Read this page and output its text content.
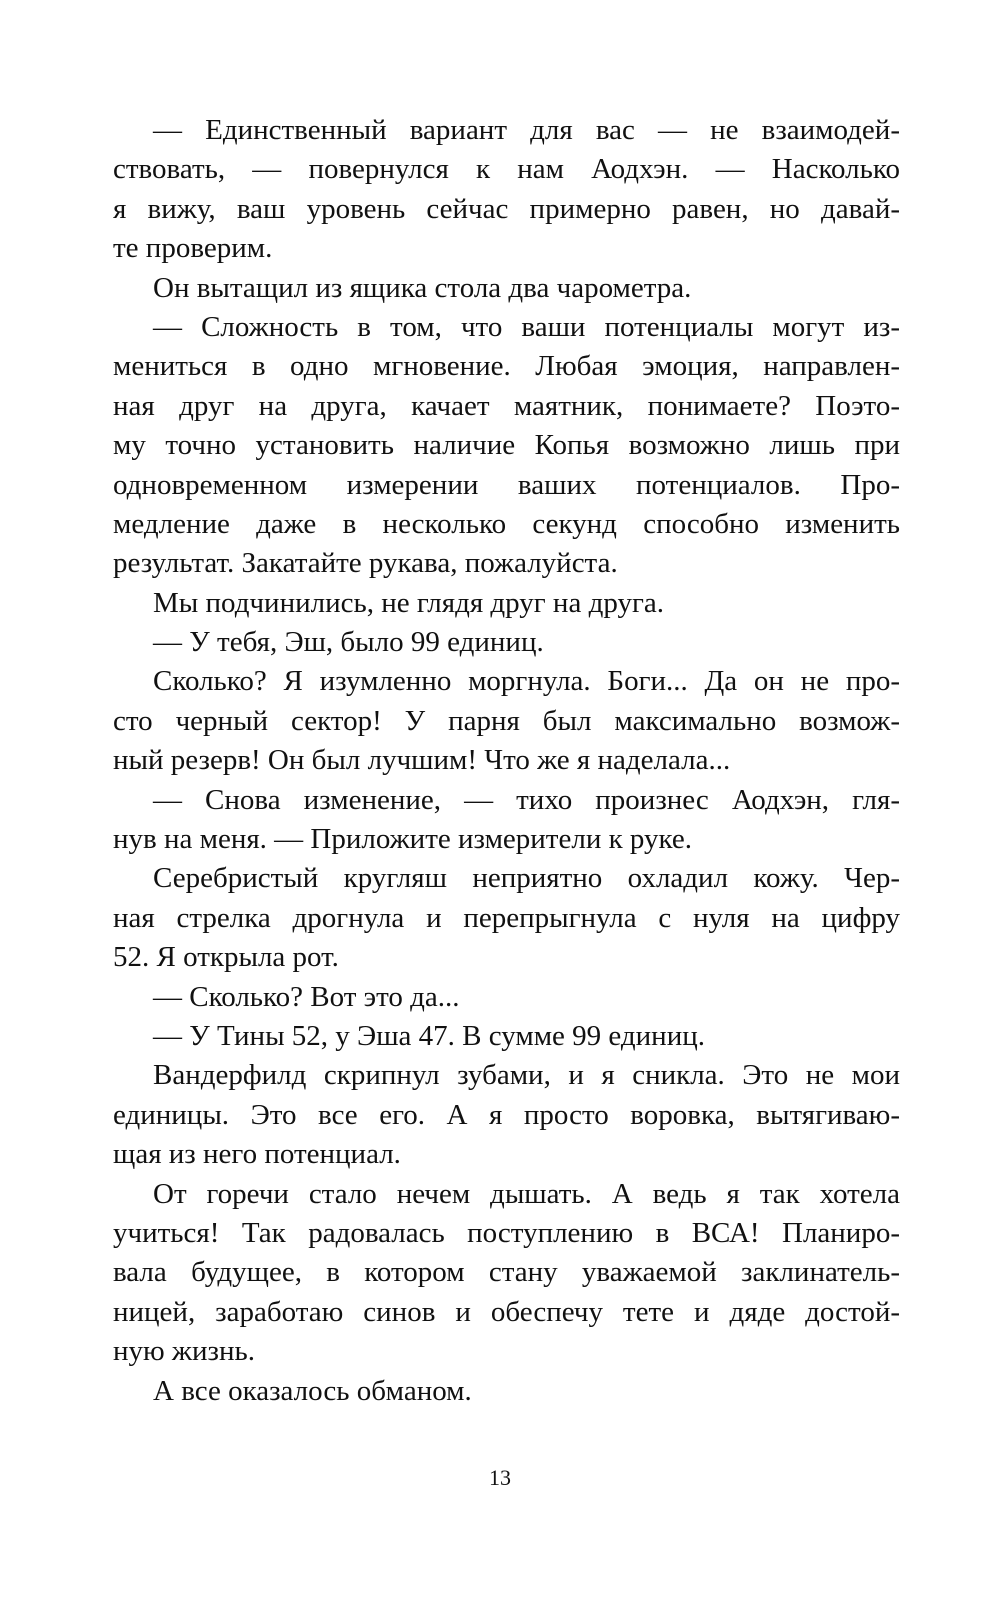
— Единственный вариант для вас — не взаимодей-
ствовать, — повернулся к нам Аодхэн. — Насколько
я вижу, ваш уровень сейчас примерно равен, но давай-
те проверим.
Он вытащил из ящика стола два чарометра.
— Сложность в том, что ваши потенциалы могут из-
мениться в одно мгновение. Любая эмоция, направлен-
ная друг на друга, качает маятник, понимаете? Поэто-
му точно установить наличие Копья возможно лишь при
одновременном измерении ваших потенциалов. Про-
медление даже в несколько секунд способно изменить
результат. Закатайте рукава, пожалуйста.
Мы подчинились, не глядя друг на друга.
— У тебя, Эш, было 99 единиц.
Сколько? Я изумленно моргнула. Боги... Да он не про-
сто черный сектор! У парня был максимально возмож-
ный резерв! Он был лучшим! Что же я наделала...
— Снова изменение, — тихо произнес Аодхэн, гля-
нув на меня. — Приложите измерители к руке.
Серебристый кругляш неприятно охладил кожу. Чер-
ная стрелка дрогнула и перепрыгнула с нуля на цифру
52. Я открыла рот.
— Сколько? Вот это да...
— У Тины 52, у Эша 47. В сумме 99 единиц.
Вандерфилд скрипнул зубами, и я сникла. Это не мои
единицы. Это все его. А я просто воровка, вытягиваю-
щая из него потенциал.
От горечи стало нечем дышать. А ведь я так хотела
учиться! Так радовалась поступлению в ВСА! Планиро-
вала будущее, в котором стану уважаемой заклинатель-
ницей, заработаю синов и обеспечу тете и дяде достой-
ную жизнь.
А все оказалось обманом.
13
